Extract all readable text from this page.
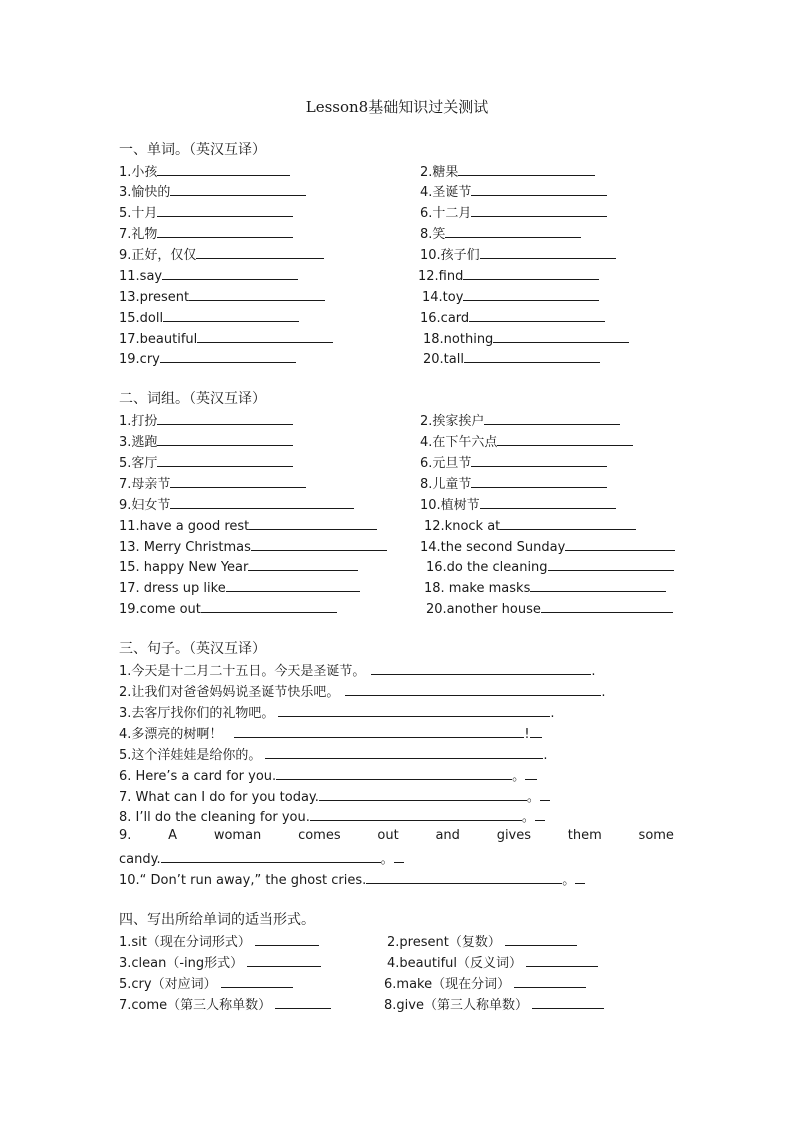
Lesson8基础知识过关测试
一、单词。（英汉互译）
1.小孩	2.糖果
3.愉快的	4.圣诞节
5.十月	6.十二月
7.礼物	8.笑
9.正好，仅仅	10.孩子们
11.say	12.find
13.present	14.toy
15.doll	16.card
17.beautiful	18.nothing
19.cry	20.tall
二、词组。（英汉互译）
1.打扮	2.挨家挨户
3.逃跑	4.在下午六点
5.客厅	6.元旦节
7.母亲节	8.儿童节
9.妇女节	10.植树节
11.have a good rest	12.knock at
13. Merry Christmas	14.the second Sunday
15. happy New Year	16.do the cleaning
17. dress up like	18. make masks
19.come out	20.another house
三、句子。（英汉互译）
1.今天是十二月二十五日。今天是圣诞节。	.
2.让我们对爸爸妈妈说圣诞节快乐吧。	.
3.去客厅找你们的礼物吧。	.
4.多漂亮的树啊！	!
5.这个洋娃娃是给你的。	.
6. Here’s a card for you.	。
7. What can I do for you today.	。
8. I’ll do the cleaning for you.	。
9.	A	woman	comes	out	and	gives	them	some
candy.	。
10.“ Don’t run away,” the ghost cries.	。
四、写出所给单词的适当形式。
1.sit（现在分词形式）	2.present（复数）
3.clean（-ing形式）	4.beautiful（反义词）
5.cry（对应词）	6.make（现在分词）
7.come（第三人称单数）	8.give（第三人称单数）
